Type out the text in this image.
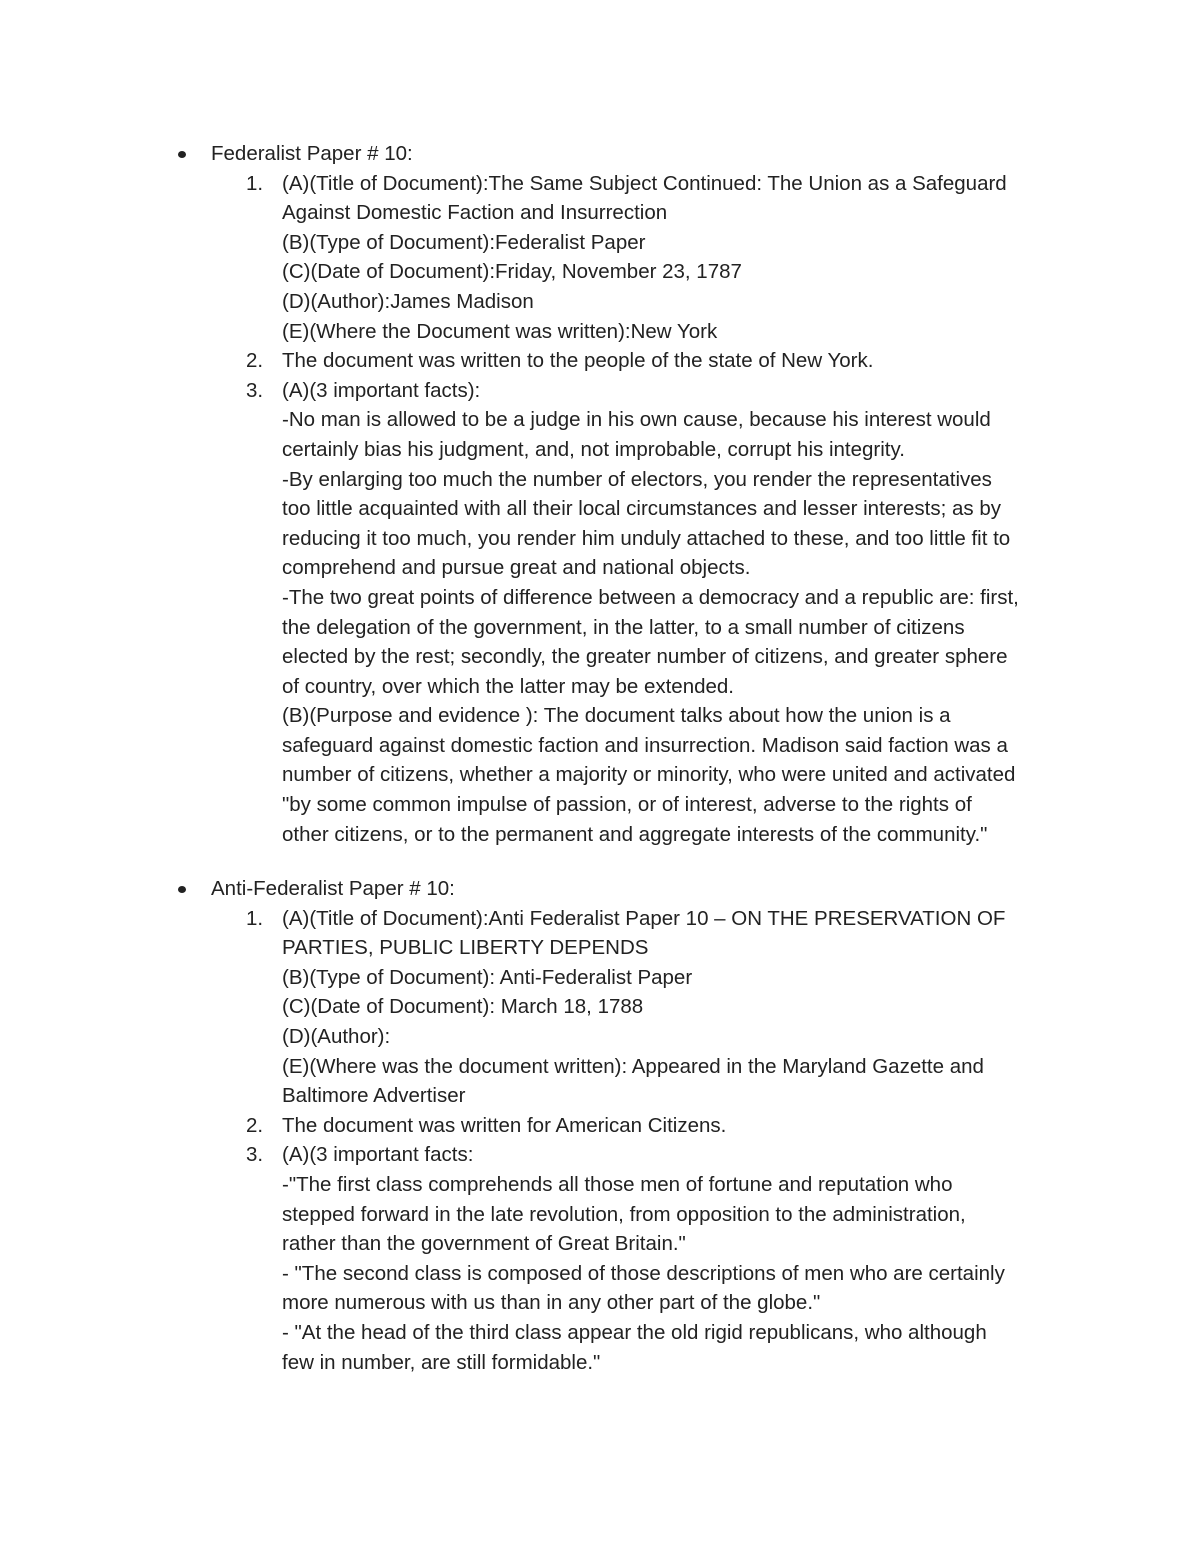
Federalist Paper # 10:
1. (A)(Title of Document):The Same Subject Continued: The Union as a Safeguard
Against Domestic Faction and Insurrection
(B)(Type of Document):Federalist Paper
(C)(Date of Document):Friday, November 23, 1787
(D)(Author):James Madison
(E)(Where the Document was written):New York
2. The document was written to the people of the state of New York.
3. (A)(3 important facts):
-No man is allowed to be a judge in his own cause, because his interest would
certainly bias his judgment, and, not improbable, corrupt his integrity.
-By enlarging too much the number of electors, you render the representatives
too little acquainted with all their local circumstances and lesser interests; as by
reducing it too much, you render him unduly attached to these, and too little fit to
comprehend and pursue great and national objects.
-The two great points of difference between a democracy and a republic are: first,
the delegation of the government, in the latter, to a small number of citizens
elected by the rest; secondly, the greater number of citizens, and greater sphere
of country, over which the latter may be extended.
(B)(Purpose and evidence ): The document talks about how the union is a
safeguard against domestic faction and insurrection. Madison said faction was a
number of citizens, whether a majority or minority, who were united and activated
"by some common impulse of passion, or of interest, adverse to the rights of
other citizens, or to the permanent and aggregate interests of the community."
Anti-Federalist Paper # 10:
1. (A)(Title of Document):Anti Federalist Paper 10 – ON THE PRESERVATION OF
PARTIES, PUBLIC LIBERTY DEPENDS
(B)(Type of Document): Anti-Federalist Paper
(C)(Date of Document): March 18, 1788
(D)(Author):
(E)(Where was the document written): Appeared in the Maryland Gazette and
Baltimore Advertiser
2. The document was written for American Citizens.
3. (A)(3 important facts:
-"The first class comprehends all those men of fortune and reputation who
stepped forward in the late revolution, from opposition to the administration,
rather than the government of Great Britain."
- "The second class is composed of those descriptions of men who are certainly
more numerous with us than in any other part of the globe."
- "At the head of the third class appear the old rigid republicans, who although
few in number, are still formidable."
